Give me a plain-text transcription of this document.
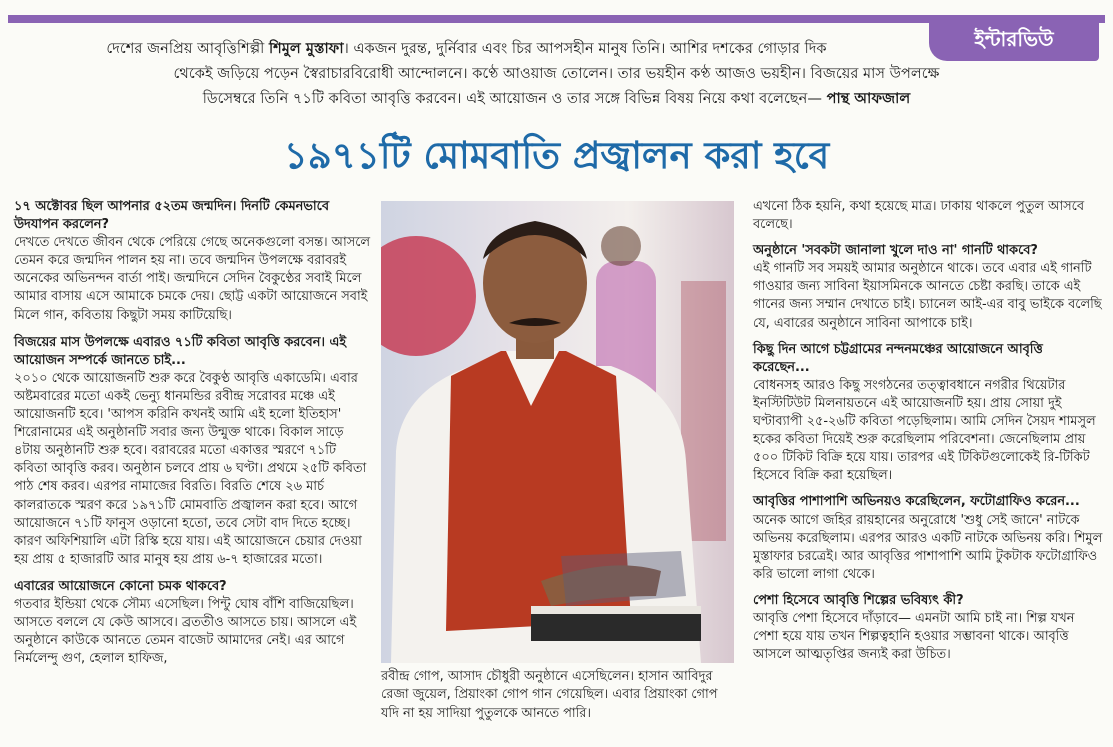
ইন্টারভিউ
দেশের জনপ্রিয় আবৃত্তিশিল্পী শিমুল মুস্তাফা। একজন দুরন্ত, দুর্নিবার এবং চির আপসহীন মানুষ তিনি। আশির দশকের গোড়ার দিক
থেকেই জড়িয়ে পড়েন স্বৈরাচারবিরোধী আন্দোলনে। কণ্ঠে আওয়াজ তোলেন। তার ভয়হীন কণ্ঠ আজও ভয়হীন। বিজয়ের মাস উপলক্ষে
ডিসেম্বরে তিনি ৭১টি কবিতা আবৃত্তি করবেন। এই আয়োজন ও তার সঙ্গে বিভিন্ন বিষয় নিয়ে কথা বলেছেন— পান্থ আফজাল
১৯৭১টি মোমবাতি প্রজ্বালন করা হবে

১৭ অক্টোবর ছিল আপনার ৫২তম জন্মদিন। দিনটি কেমনভাবে উদযাপন করলেন?

দেখতে দেখতে জীবন থেকে পেরিয়ে গেছে অনেকগুলো বসন্ত। আসলে তেমন করে জন্মদিন পালন হয় না। তবে জন্মদিন উপলক্ষে বরাবরই অনেকের অভিনন্দন বার্তা পাই। জন্মদিনে সেদিন বৈকুণ্ঠের সবাই মিলে আমার বাসায় এসে আমাকে চমকে দেয়। ছোট্ট একটা আয়োজনে সবাই মিলে গান, কবিতায় কিছুটা সময় কাটিয়েছি।

বিজয়ের মাস উপলক্ষে এবারও ৭১টি কবিতা আবৃত্তি করবেন। এই আয়োজন সম্পর্কে জানতে চাই...

২০১০ থেকে আয়োজনটি শুরু করে বৈকুণ্ঠ আবৃত্তি একাডেমি। এবার অষ্টমবারের মতো একই ভেন্যু ধানমন্ডির রবীন্দ্র সরোবর মঞ্চে এই আয়োজনটি হবে। 'আপস করিনি কখনই আমি এই হলো ইতিহাস' শিরোনামের এই অনুষ্ঠানটি সবার জন্য উন্মুক্ত থাকে। বিকাল সাড়ে ৪টায় অনুষ্ঠানটি শুরু হবে। বরাবরের মতো একাত্তর স্মরণে ৭১টি কবিতা আবৃত্তি করব। অনুষ্ঠান চলবে প্রায় ৬ ঘণ্টা। প্রথমে ২৫টি কবিতা পাঠ শেষ করব। এরপর নামাজের বিরতি। বিরতি শেষে ২৬ মার্চ কালরাতকে স্মরণ করে ১৯৭১টি মোমবাতি প্রজ্বালন করা হবে। আগে আয়োজনে ৭১টি ফানুস ওড়ানো হতো, তবে সেটা বাদ দিতে হচ্ছে। কারণ অফিশিয়ালি এটা রিস্কি হয়ে যায়। এই আয়োজনে চেয়ার দেওয়া হয় প্রায় ৫ হাজারটি আর মানুষ হয় প্রায় ৬-৭ হাজারের মতো।

এবারের আয়োজনে কোনো চমক থাকবে?

গতবার ইন্ডিয়া থেকে সৌম্য এসেছিল। পিন্টু ঘোষ বাঁশি বাজিয়েছিল। আসতে বললে যে কেউ আসবে। ব্রততীও আসতে চায়। আসলে এই অনুষ্ঠানে কাউকে আনতে তেমন বাজেট আমাদের নেই। এর আগে নির্মলেন্দু গুণ, হেলাল হাফিজ,

রবীন্দ্র গোপ, আসাদ চৌধুরী অনুষ্ঠানে এসেছিলেন। হাসান আবিদুর রেজা জুয়েল, প্রিয়াংকা গোপ গান গেয়েছিল। এবার প্রিয়াংকা গোপ যদি না হয় সাদিয়া পুতুলকে আনতে পারি।

এখনো ঠিক হয়নি, কথা হয়েছে মাত্র। ঢাকায় থাকলে পুতুল আসবে বলেছে।

অনুষ্ঠানে 'সবকটা জানালা খুলে দাও না' গানটি থাকবে?

এই গানটি সব সময়ই আমার অনুষ্ঠানে থাকে। তবে এবার এই গানটি গাওয়ার জন্য সাবিনা ইয়াসমিনকে আনতে চেষ্টা করছি। তাকে এই গানের জন্য সম্মান দেখাতে চাই। চ্যানেল আই-এর বাবু ভাইকে বলেছি যে, এবারের অনুষ্ঠানে সাবিনা আপাকে চাই।

কিছু দিন আগে চট্টগ্রামের নন্দনমঞ্চের আয়োজনে আবৃত্তি করেছেন...

বোধনসহ আরও কিছু সংগঠনের তত্ত্বাবধানে নগরীর থিয়েটার ইনস্টিটিউট মিলনায়তনে এই আয়োজনটি হয়। প্রায় সোয়া দুই ঘণ্টাব্যাপী ২৫-২৬টি কবিতা পড়েছিলাম। আমি সেদিন সৈয়দ শামসুল হকের কবিতা দিয়েই শুরু করেছিলাম পরিবেশনা। জেনেছিলাম প্রায় ৫০০ টিকিট বিক্রি হয়ে যায়। তারপর এই টিকিটগুলোকেই রি-টিকিট হিসেবে বিক্রি করা হয়েছিল।

আবৃত্তির পাশাপাশি অভিনয়ও করেছিলেন, ফটোগ্রাফিও করেন...

অনেক আগে জহির রায়হানের অনুরোধে 'শুধু সেই জানে' নাটকে অভিনয় করেছিলাম। এরপর আরও একটি নাটকে অভিনয় করি। শিমুল মুস্তাফার চরত্রেই। আর আবৃত্তির পাশাপাশি আমি টুকটাক ফটোগ্রাফিও করি ভালো লাগা থেকে।

পেশা হিসেবে আবৃত্তি শিল্পের ভবিষ্যৎ কী?

আবৃত্তি পেশা হিসেবে দাঁড়াবে— এমনটা আমি চাই না। শিল্প যখন পেশা হয়ে যায় তখন শিল্পত্বহানি হওয়ার সম্ভাবনা থাকে। আবৃত্তি আসলে আত্মতৃপ্তির জন্যই করা উচিত।
